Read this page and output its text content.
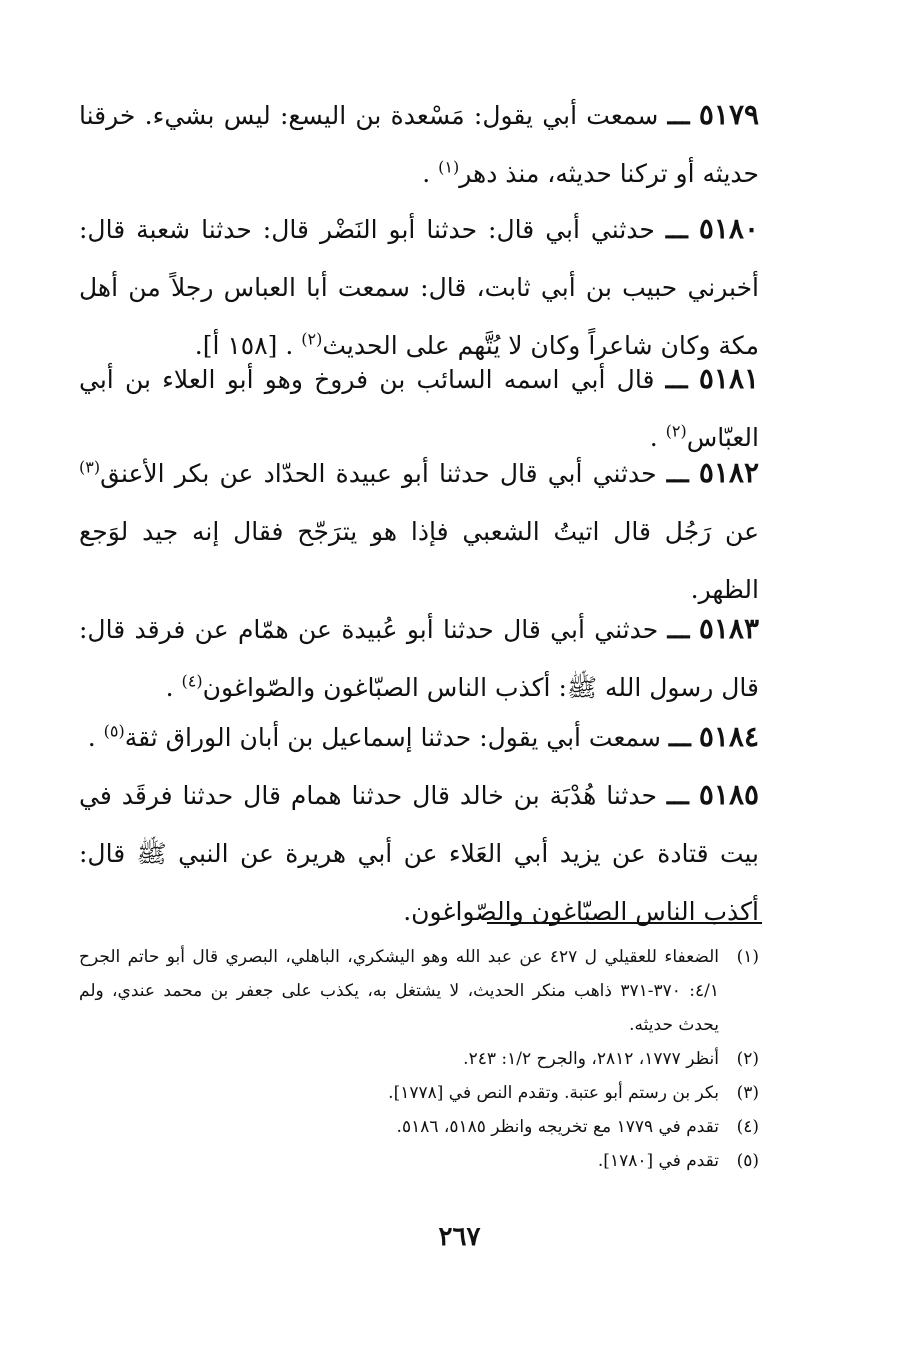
٥١٧٩ ـــ سمعت أبي يقول: مَسْعدة بن اليسع: ليس بشيء. خرقنا حديثه أو تركنا حديثه، منذ دهر$^{(١)}$ .
٥١٨٠ ـــ حدثني أبي قال: حدثنا أبو النَضْر قال: حدثنا شعبة قال: أخبرني حبيب بن أبي ثابت، قال: سمعت أبا العباس رجلاً من أهل مكة وكان شاعراً وكان لا يُتَّهم على الحديث$^{(٢)}$ . [١٥٨ أ].
٥١٨١ ـــ قال أبي اسمه السائب بن فروخ وهو أبو العلاء بن أبي العبّاس$^{(٢)}$ .
٥١٨٢ ـــ حدثني أبي قال حدثنا أبو عبيدة الحدّاد عن بكر الأعنق$^{(٣)}$ عن رَجُل قال اتيتُ الشعبي فإذا هو يترَجّح فقال إنه جيد لوَجع الظهر.
٥١٨٣ ـــ حدثني أبي قال حدثنا أبو عُبيدة عن همّام عن فرقد قال: قال رسول الله ﷺ: أكذب الناس الصبّاغون والصّواغون$^{(٤)}$ .
٥١٨٤ ـــ سمعت أبي يقول: حدثنا إسماعيل بن أبان الوراق ثقة$^{(٥)}$ .
٥١٨٥ ـــ حدثنا هُدْبَة بن خالد قال حدثنا همام قال حدثنا فرقَد في بيت قتادة عن يزيد أبي العَلاء عن أبي هريرة عن النبي ﷺ قال: أكذب الناس الصبّاغون والصّواغون.
(١)
الضعفاء للعقيلي ل ٤٢٧ عن عبد الله وهو اليشكري، الباهلي، البصري قال أبو حاتم الجرح ٤/١: ٣٧٠-٣٧١ ذاهب منكر الحديث، لا يشتغل به، يكذب على جعفر بن محمد عندي، ولم يحدث حديثه.
(٢)
أنظر ١٧٧٧، ٢٨١٢، والجرح ١/٢: ٢٤٣.
(٣)
بكر بن رستم أبو عتبة. وتقدم النص في [١٧٧٨].
(٤)
تقدم في ١٧٧٩ مع تخريجه وانظر ٥١٨٥، ٥١٨٦.
(٥)
تقدم في [١٧٨٠].
٢٦٧
